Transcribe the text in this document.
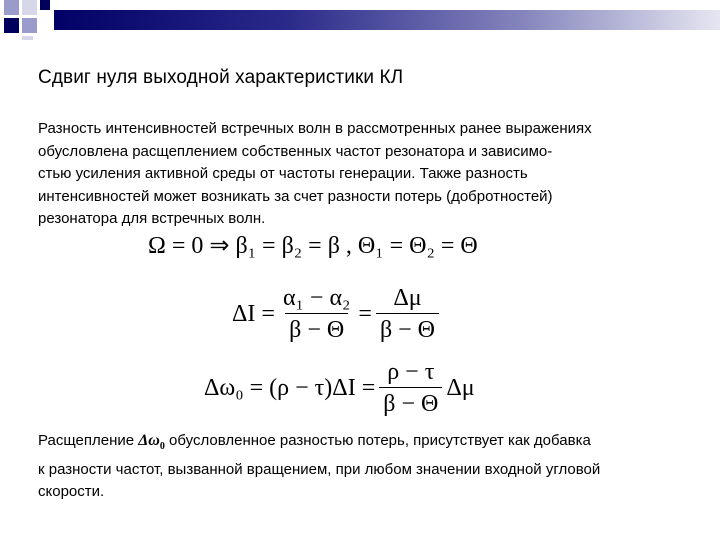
Сдвиг нуля выходной характеристики КЛ
Разность интенсивностей встречных волн в рассмотренных ранее выражениях
обусловлена расщеплением собственных частот резонатора и зависимо-
стью усиления активной среды от частоты генерации. Также разность
интенсивностей может возникать за счет разности потерь (добротностей)
резонатора для встречных волн.
Ω = 0 ⇒ β₁ = β₂ = β , Θ₁ = Θ₂ = Θ
$\Delta I = \frac{\text{α₁ − α₂}}{\beta - \Theta} = \frac{\Delta\mu}{\beta - \Theta}$
$\Delta\omega_0 = (\rho - \tau)\Delta I = \frac{\rho - \tau}{\beta - \Theta}$ Δμ
Расщепление $\Delta\omega_0$ обусловленное разностью потерь, присутствует как добавка
к разности частот, вызванной вращением, при любом значении входной угловой
скорости.
